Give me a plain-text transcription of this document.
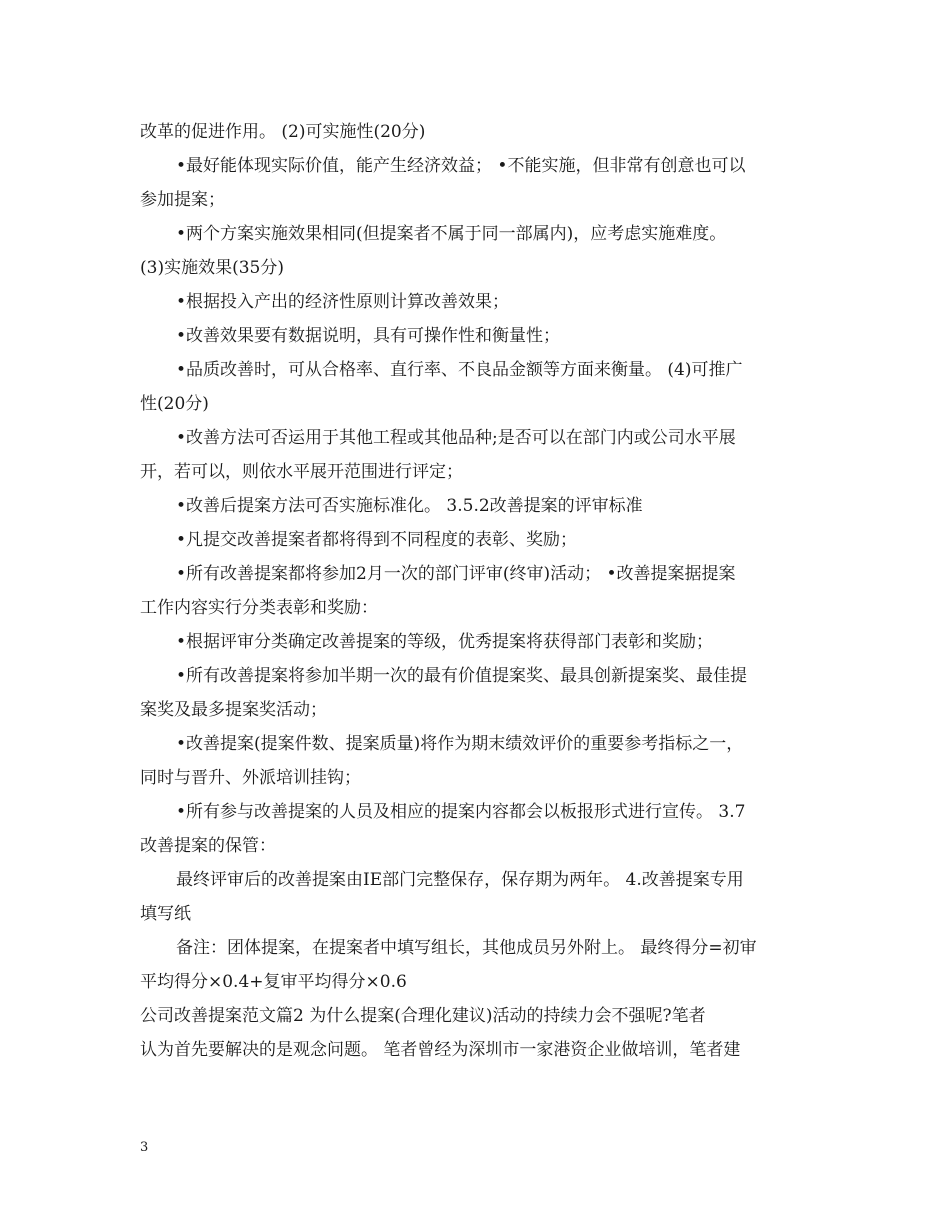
改革的促进作用。 (2)可实施性(20分)
•最好能体现实际价值，能产生经济效益； •不能实施，但非常有创意也可以
参加提案；
•两个方案实施效果相同(但提案者不属于同一部属内)，应考虑实施难度。
(3)实施效果(35分)
•根据投入产出的经济性原则计算改善效果；
•改善效果要有数据说明，具有可操作性和衡量性；
•品质改善时，可从合格率、直行率、不良品金额等方面来衡量。 (4)可推广
性(20分)
•改善方法可否运用于其他工程或其他品种;是否可以在部门内或公司水平展
开，若可以，则依水平展开范围进行评定；
•改善后提案方法可否实施标准化。 3.5.2改善提案的评审标准
•凡提交改善提案者都将得到不同程度的表彰、奖励；
•所有改善提案都将参加2月一次的部门评审(终审)活动； •改善提案据提案
工作内容实行分类表彰和奖励：
•根据评审分类确定改善提案的等级，优秀提案将获得部门表彰和奖励；
•所有改善提案将参加半期一次的最有价值提案奖、最具创新提案奖、最佳提
案奖及最多提案奖活动；
•改善提案(提案件数、提案质量)将作为期末绩效评价的重要参考指标之一，
同时与晋升、外派培训挂钩；
•所有参与改善提案的人员及相应的提案内容都会以板报形式进行宣传。 3.7
改善提案的保管：
最终评审后的改善提案由IE部门完整保存，保存期为两年。 4.改善提案专用
填写纸
备注：团体提案，在提案者中填写组长，其他成员另外附上。 最终得分=初审
平均得分×0.4+复审平均得分×0.6
公司改善提案范文篇2 为什么提案(合理化建议)活动的持续力会不强呢?笔者
认为首先要解决的是观念问题。 笔者曾经为深圳市一家港资企业做培训，笔者建
3
